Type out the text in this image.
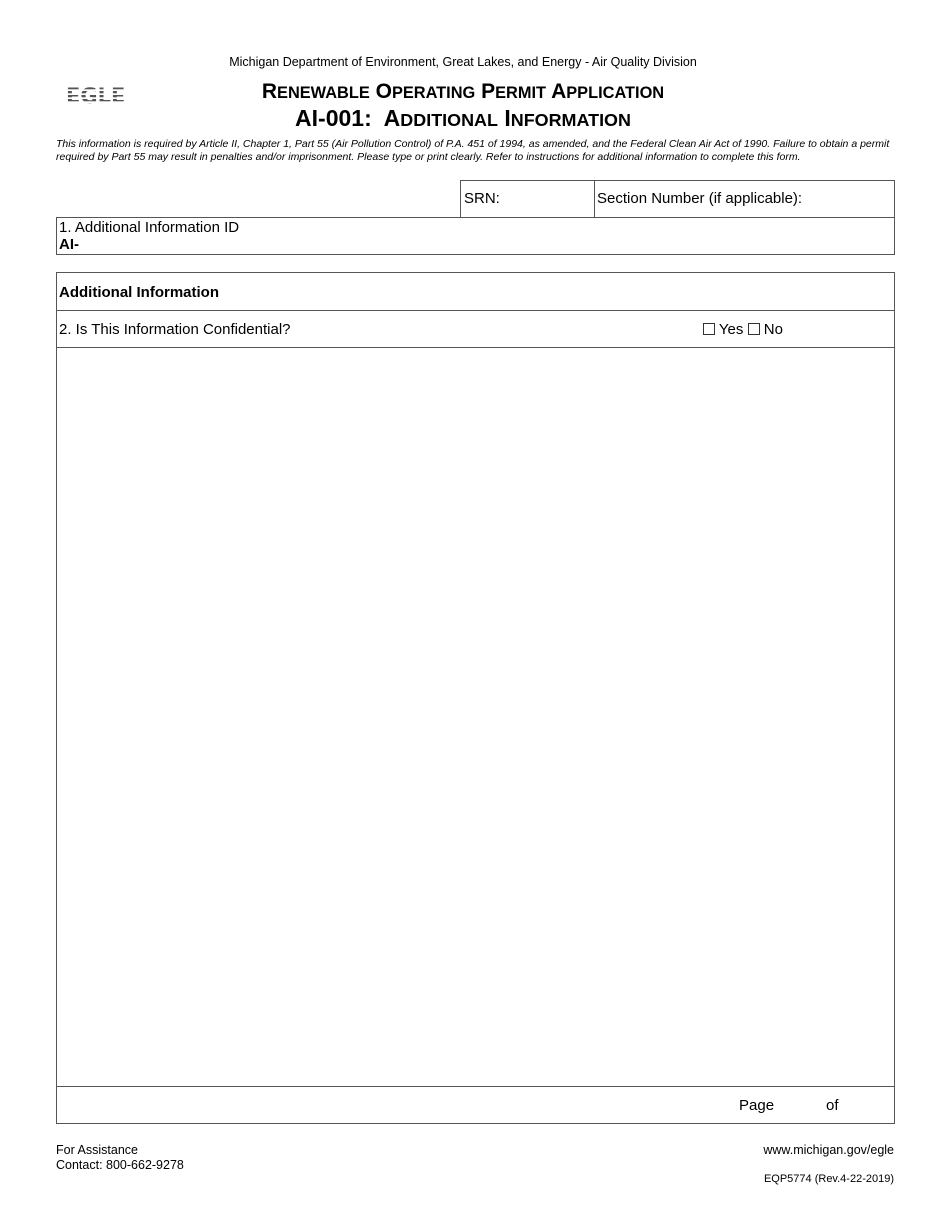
Michigan Department of Environment, Great Lakes, and Energy - Air Quality Division
EGLE	RENEWABLE OPERATING PERMIT APPLICATION
AI-001: ADDITIONAL INFORMATION
This information is required by Article II, Chapter 1, Part 55 (Air Pollution Control) of P.A. 451 of 1994, as amended, and the Federal Clean Air Act of 1990. Failure to obtain a permit required by Part 55 may result in penalties and/or imprisonment. Please type or print clearly. Refer to instructions for additional information to complete this form.
SRN:	Section Number (if applicable):
1. Additional Information ID
AI-
Additional Information
2. Is This Information Confidential?	Yes No
Page	of
For Assistance
Contact: 800-662-9278
www.michigan.gov/egle
EQP5774 (Rev.4-22-2019)
